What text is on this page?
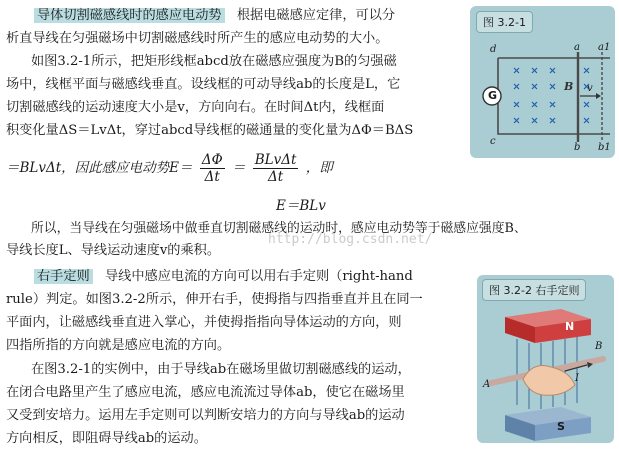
导体切割磁感线时的感应电动势 根据电磁感应定律，可以分
析直导线在匀强磁场中切割磁感线时所产生的感应电动势的大小。
如图3.2-1所示，把矩形线框abcd放在磁感应强度为B的匀强磁
场中，线框平面与磁感线垂直。设线框的可动导线ab的长度是L，它
切割磁感线的运动速度大小是v，方向向右。在时间Δt内，线框面
积变化量ΔS＝LvΔt，穿过abcd导线框的磁通量的变化量为ΔΦ＝BΔS
＝BLvΔt，因此感应电动势$E= \frac{\Delta\Phi}{\Delta t} = \frac{\text{BLvΔt}}{\Delta t}$ ，即
E＝BLv
所以，当导线在匀强磁场中做垂直切割磁感线的运动时，感应电动势等于磁感应强度B、
导线长度L、导线运动速度v的乘积。
http://blog.csdn.net/
右手定则 导线中感应电流的方向可以用右手定则（right-hand
rule）判定。如图3.2-2所示，伸开右手，使拇指与四指垂直并且在同一
平面内，让磁感线垂直进入掌心，并使拇指指向导体运动的方向，则
四指所指的方向就是感应电流的方向。
在图3.2-1的实例中，由于导线ab在磁场里做切割磁感线的运动，
在闭合电路里产生了感应电流，感应电流流过导体ab，使它在磁场里
又受到安培力。运用左手定则可以判断安培力的方向与导线ab的运动
方向相反，即阻碍导线ab的运动。
图 3.2-1
G
d	a a1
c
b b1
B v
图 3.2-2 右手定则
N
S
A
B
I
